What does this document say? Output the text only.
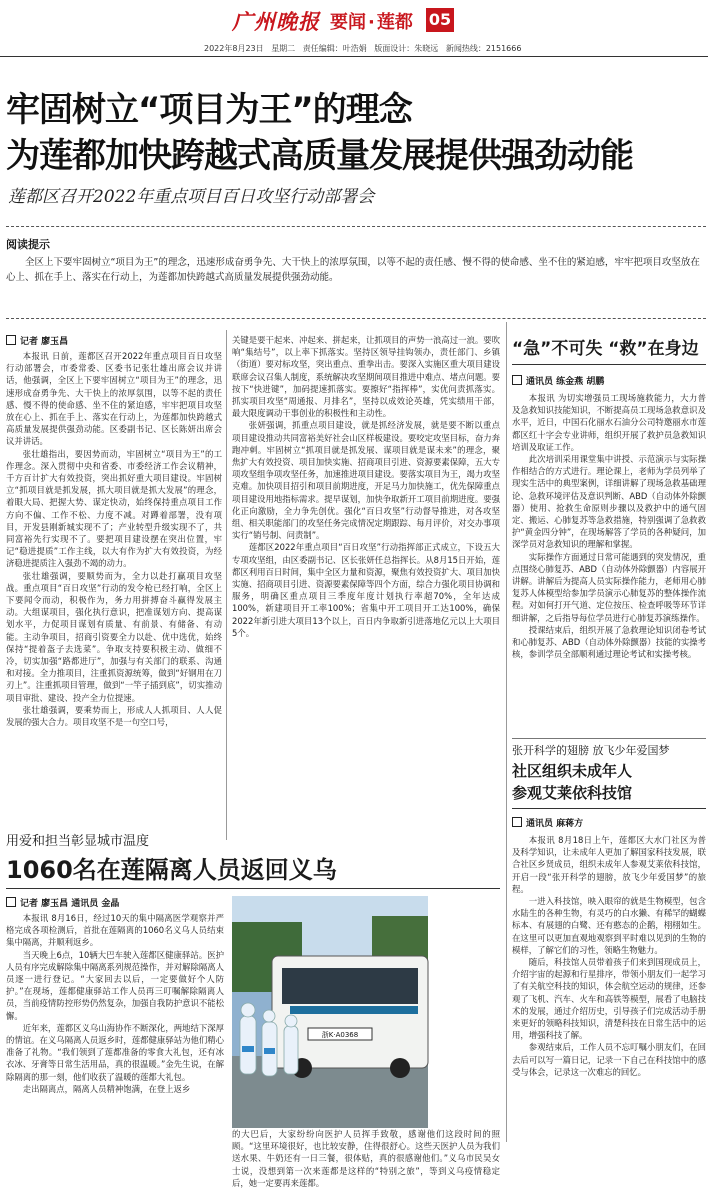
广州晚报 要闻 · 莲都 05
2022年8月23日 星期二 责任编辑：叶浩娟 版面设计：朱晓远 新闻热线：2151666
牢固树立“项目为王”的理念
为莲都加快跨越式高质量发展提供强劲动能
莲都区召开2022年重点项目百日攻坚行动部署会
阅读提示
全区上下要牢固树立“项目为王”的理念，迅速形成奋勇争先、大干快上的浓厚氛围，以等不起的责任感、慢不得的使命感、坐不住的紧迫感，牢牢把项目攻坚放在心上、抓在手上、落实在行动上，为莲都加快跨越式高质量发展提供强劲动能。
记者 廖玉昌

本报讯 日前，莲都区召开2022年重点项目百日攻坚行动部署会，市委常委、区委书记张壮雄出席会议并讲话，他强调，全区上下要牢固树立“项目为王”的理念，迅速形成奋勇争先、大干快上的浓厚氛围，以等不起的责任感、慢不得的使命感、坐不住的紧迫感，牢牢把项目攻坚放在心上、抓在手上、落实在行动上，为莲都加快跨越式高质量发展提供强劲动能。区委副书记、区长陈妍出席会议并讲话。

张壮雄指出，要因势而动，牢固树立“项目为王”的工作理念。深入贯彻中央和省委、市委经济工作会议精神，千方百计扩大有效投资，突出抓好重大项目建设。牢固树立“抓项目就是抓发展，抓大项目就是抓大发展”的理念，着眼大局、把握大势、谋定快动，始终保持重点项目工作方向不偏、工作不松、力度不减。对蹲着部署，没有项目，开发县刚新城实现不了；产业转型升级实现不了，共同富裕先行实现不了。要把项目建设摆在突出位置，牢记“稳进提质”工作主线，以大有作为扩大有效投资，为经济稳进提质注入强劲不竭的动力。

张壮雄强调，要顺势而为，全力以赴打赢项目攻坚战。重点项目“百日攻坚”行动的发令枪已经打响，全区上下要闻令而动，积极作为，务力用拼搏奋斗赢得发展主动。大组谋项目，强化执行意识，把准谋划方向、提高谋划水平，力促项目谋划有质量、有前景、有储备、有动能。主动争项目，招商引资要全力以赴、优中选优，始终保持“提着盔子去选菜”。争取支持要积极主动、做细不冷，切实加强“路都进厅”，加强与有关部门的联系、沟通和对接。全力推项目，注重抓资源统筹，做到“好钢用在刀刃上”。注重抓项目管理，做到“一竿子插到底”，切实推动项目审批、建设、投产全力位提速。

张壮雄强调，要乘势而上，形成人人抓项目、人人促发展的强大合力。项目攻坚不是一句空口号，

关键是要干起来、冲起来、拼起来，让抓项目的声势一浪高过一浪。要吹响“集结号”，以上率下抓落实。坚持区领导挂钩领办，责任部门、乡镇（街道）要对标攻坚，突出重点、重拳出击。要深入实施区重大项目建设联席会议召集人制度，系统解决攻坚期间项目推进中难点、堵点问题。要按下“快进键”，加码提速抓落实。要擦好“指挥棒”，实优问责抓落实。抓实项目攻坚“周通报、月排名”，坚持以成效论英雄，凭实绩用干部，最大限度调动干事创业的积极性和主动性。

张妍强调，抓重点项目建设，就是抓经济发展，就是要不断以重点项目建设推动共同富裕美好社会山区样板建设。要咬定攻坚目标，奋力奔跑冲刺。牢固树立“抓项目就是抓发展、谋项目就是谋未来”的理念，聚焦扩大有效投资、项目加快实施、招商项目引进、资源要素保障，五大专项攻坚组争项攻坚任务，加速推进项目建设。要落实项目为王，竭力攻坚克难。加快项目招引和项目前期进度，开足马力加快施工，优先保障重点项目建设用地指标需求。提早谋划，加快争取新开工项目前期进度。要强化正向激励，全力争先创优。强化“百日攻坚”行动督导推进，对各攻坚组、相关职能部门的攻坚任务完成情况定期跟踪、每月评价，对交办事项实行“销号制、问责制”。

莲都区2022年重点项目“百日攻坚”行动指挥部正式成立，下设五大专项攻坚组，由区委副书记、区长张妍任总指挥长。从8月15日开始，莲都区利用百日时间，集中全区力量和资源，聚焦有效投资扩大、项目加快实施、招商项目引进、资源要素保障等四个方面，综合力强化项目协调和服务，明确区重点项目三季度年度计划执行率超70%，全年达成100%，新建项目开工率100%；省集中开工项目开工达100%，确保2022年新引进大项目13个以上，百日内争取新引进落地亿元以上大项目5个。

“急”不可失 “救”在身边
通讯员 练金燕 胡鹏

本报讯 为切实增强员工现场施救能力，大力普及急救知识技能知识，不断提高员工现场急救意识及水平，近日，中国石化丽水石油分公司特邀丽水市莲都区红十字会专业讲师，组织开展了救护员急救知识培训及取证工作。

此次培训采用课堂集中讲授、示范演示与实际操作相结合的方式进行。理论课上，老师为学员列举了现实生活中的典型案例，详细讲解了现场急救基础理论、急救环境评估及意识判断、ABD（自动体外除颤器）使用、抢救生命原则步骤以及救护中的通气固定、搬运、心肺复苏等急救措施，特别强调了急救救护“黄金四分钟”，在现场解答了学员的各种疑问，加深学员对急救知识的理解和掌握。

实际操作方面通过日常可能遇到的突发情况，重点围绕心肺复苏、ABD（自动体外除颤器）内容展开讲解。讲解后为提高人员实际操作能力，老师用心肺复苏人体模型给参加学员演示心肺复苏的整体操作流程。对如何打开气道、定位按压、检查呼吸等环节详细讲解，之后指导每位学员进行心肺复苏演练操作。

授课结束后，组织开展了急救理论知识闭卷考试和心肺复苏、ABD（自动体外除颤器）技能的实操考核，参训学员全部顺利通过理论考试和实操考核。

张开科学的翅膀 放飞少年爱国梦
社区组织未成年人
参观艾莱依科技馆
通讯员 麻蒋方

本报讯 8月18日上午，莲都区大水门社区为普及科学知识，让未成年人更加了解国家科技发展，联合社区乡贤成员，组织未成年人参观艾莱依科技馆，开启一段“张开科学的翅膀，放飞少年爱国梦”的旅程。

一进入科技馆，映入眼帘的就是生物模型，包含水陆生的各种生物，有灵巧的白水獭、有稀罕的蝴蝶标本、有展翅的白鹭、还有憨态的企鹅，栩栩如生。在这里可以更加直观地观察到平时难以见到的生物的模样，了解它们的习性，领略生物魅力。

随后，科技馆人员带着孩子们来到国现成员上，介绍宇宙的起源和行星排序，带领小朋友们一起学习了有关航空科技的知识，体会航空运动的规律，还参观了飞机、汽车、火车和高铁等模型，展看了电脑技术的发展，通过介绍历史，引导孩子们完成活动手册来更好的领略科技知识，清楚科技在日常生活中的运用，增强科技了解。

参观结束后，工作人员不忘叮嘱小朋友们，在回去后可以写一篇日记，记录一下自己在科技馆中的感受与体会，记录这一次难忘的回忆。

用爱和担当彰显城市温度
1060名在莲隔离人员返回义乌
记者 廖玉昌 通讯员 金晶

本报讯 8月16日，经过10天的集中隔离医学观察并严格完成各项检测后，首批在莲隔离的1060名义乌人员结束集中隔离，并顺利返乡。

当天晚上6点，10辆大巴车驶入莲都区健康驿站。医护人员有序完成解除集中隔离系列规范操作，并对解除隔离人员逐一进行登记。“大家回去以后，一定要做好个人防护。”在现场，莲都健康驿站工作人员再三叮嘱解除隔离人员，当前疫情防控形势仍然复杂，加强自我防护意识不能松懈。

近年来，莲都区义乌山海协作不断深化，两地结下深厚的情谊。在义乌隔离人员返乡时，莲都健康驿站为他们精心准备了礼物。“我们领到了莲都准备的零食大礼包，还有冰衣冰、牙膏等日常生活用品，真的很温暖。”金先生说，在解除隔离的那一刻，他们收获了温暖的莲都大礼包。

走出隔离点，隔离人员精神饱满，在登上返乡

浙K·A0368

的大巴后，大家纷纷向医护人员挥手致敬，感谢他们这段时间的照顾。“这里环境很好，也比较安静，住得很舒心。这些天医护人员为我们送水果、牛奶还有一日三餐，很体贴，真的很感谢他们。”义乌市民吴女士说，没想到第一次来莲都是这样的“特别之旅”，等到义乌疫情稳定后，她一定要再来莲都。
